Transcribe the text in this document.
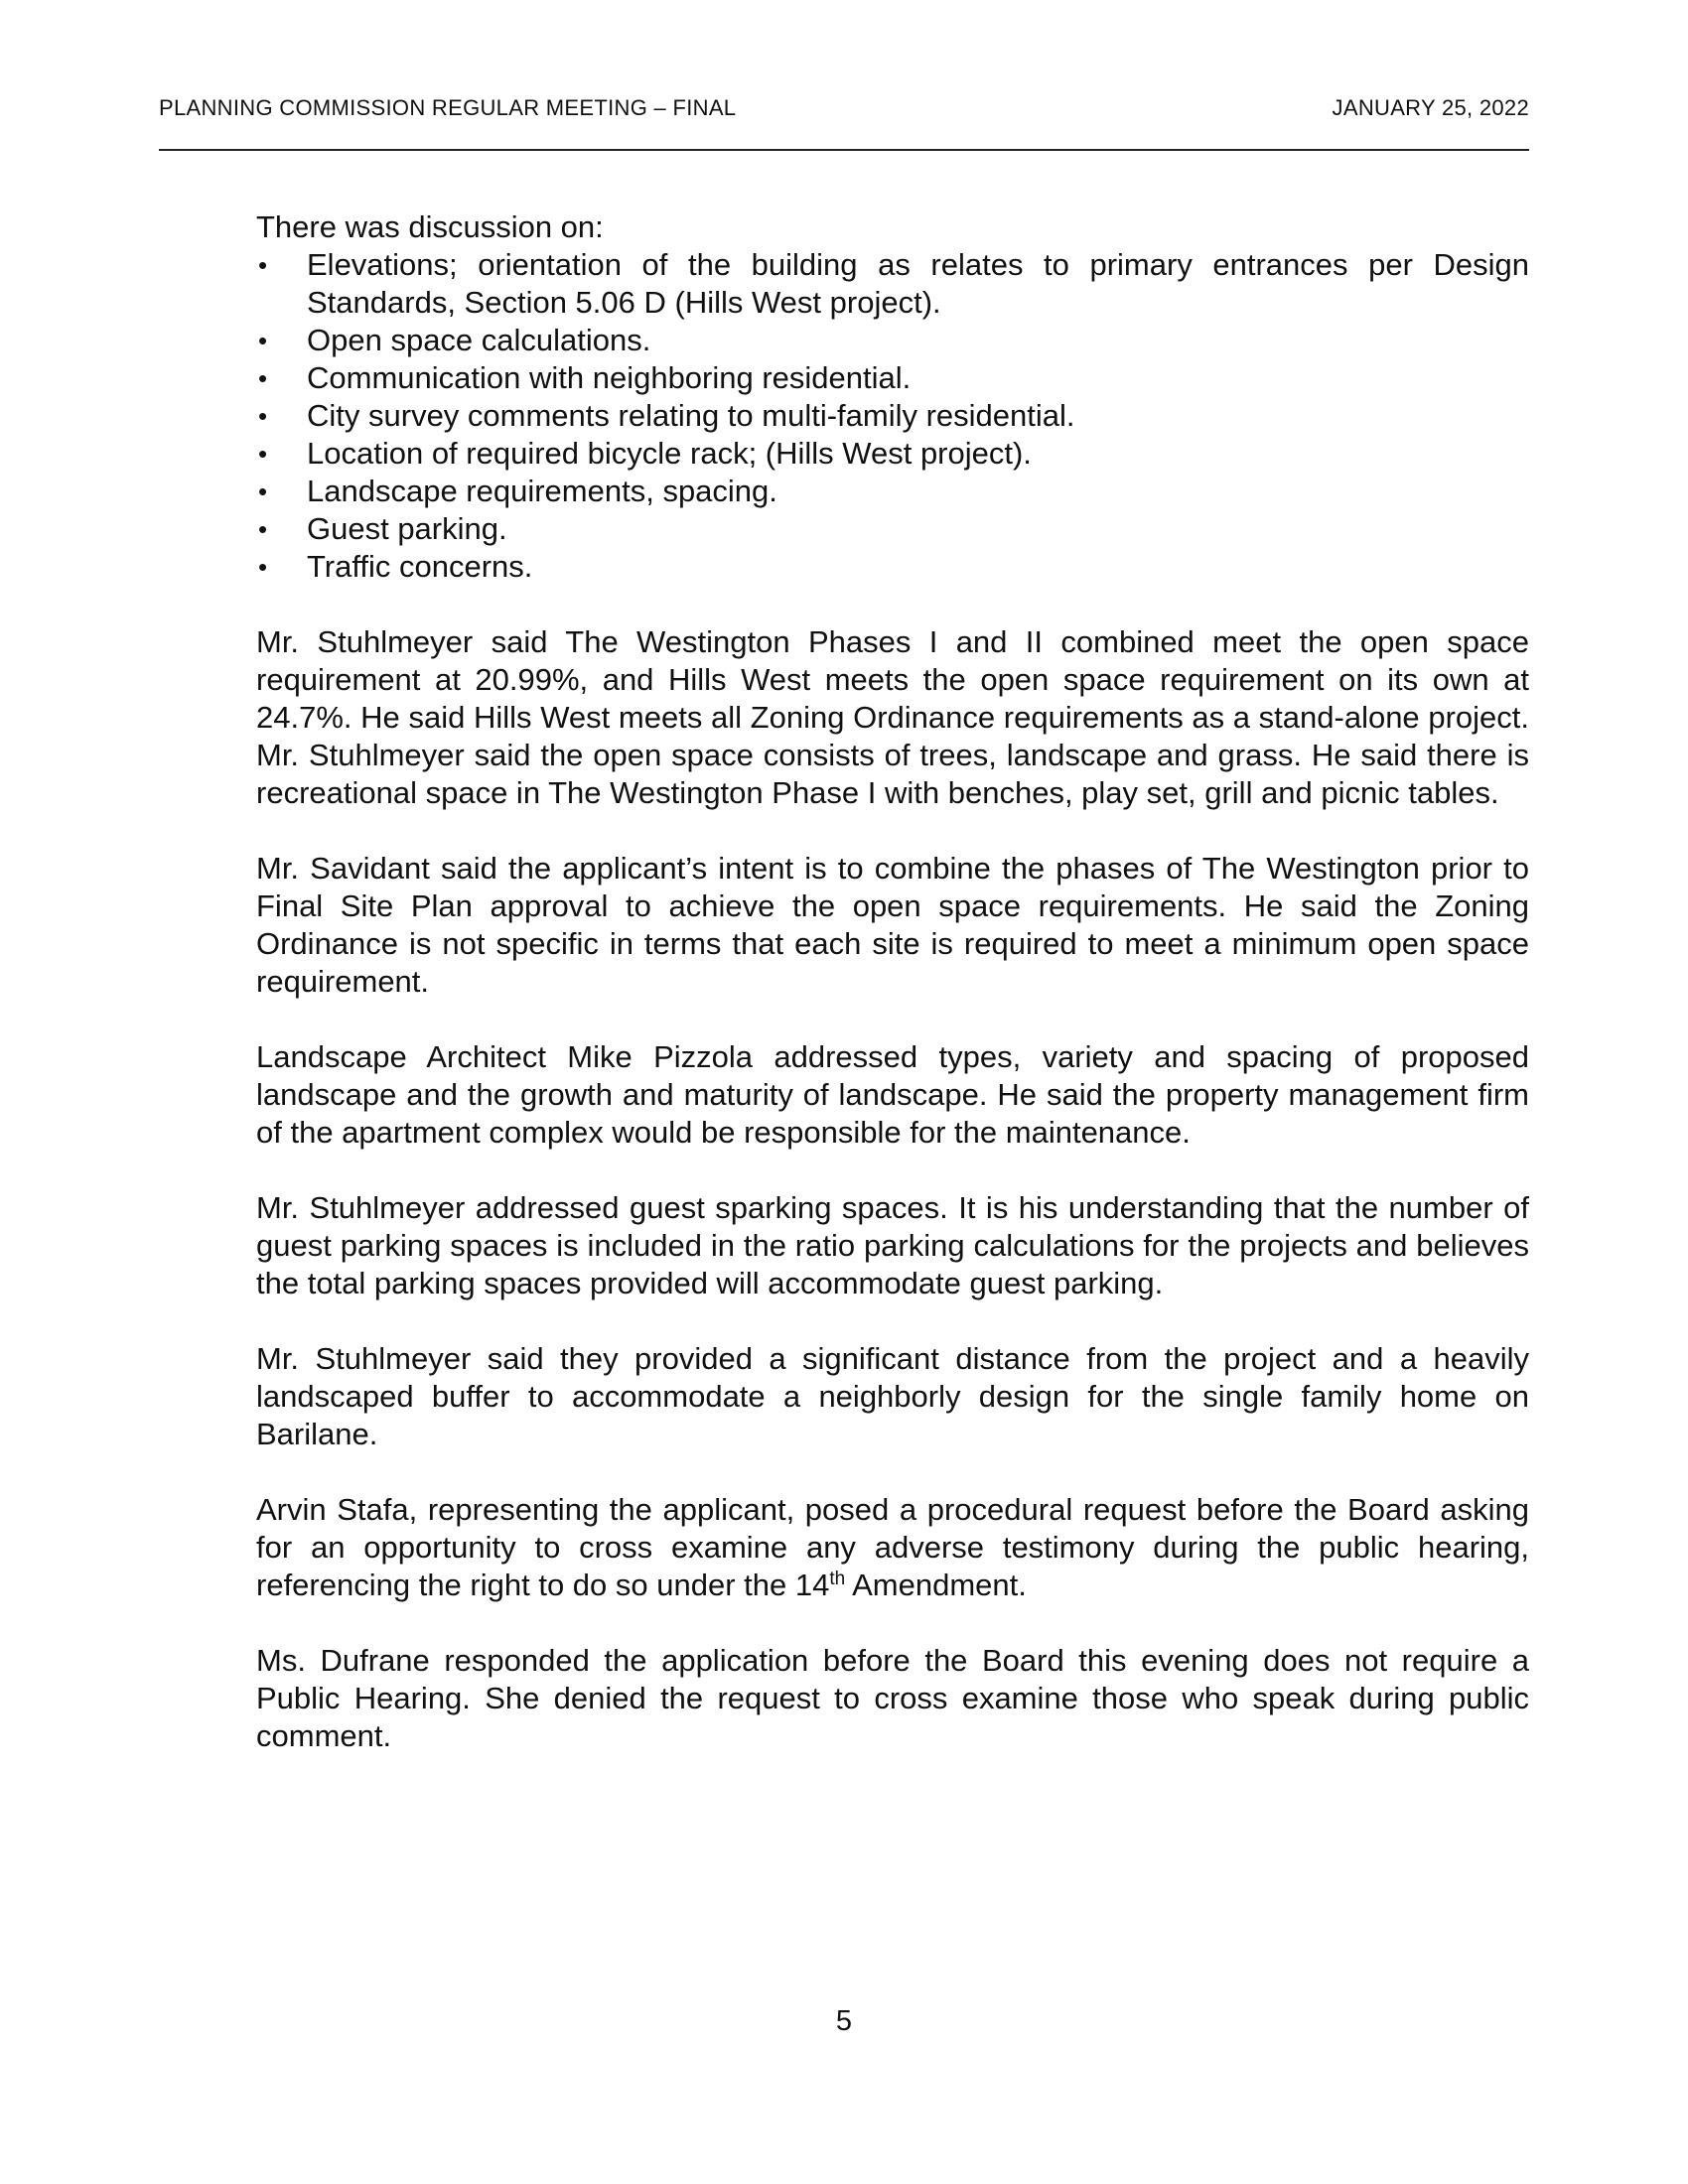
PLANNING COMMISSION REGULAR MEETING – FINAL	JANUARY 25, 2022

There was discussion on:

• Elevations; orientation of the building as relates to primary entrances per Design Standards, Section 5.06 D (Hills West project).
• Open space calculations.
• Communication with neighboring residential.
• City survey comments relating to multi-family residential.
• Location of required bicycle rack; (Hills West project).
• Landscape requirements, spacing.
• Guest parking.
• Traffic concerns.

Mr. Stuhlmeyer said The Westington Phases I and II combined meet the open space requirement at 20.99%, and Hills West meets the open space requirement on its own at 24.7%. He said Hills West meets all Zoning Ordinance requirements as a stand-alone project. Mr. Stuhlmeyer said the open space consists of trees, landscape and grass. He said there is recreational space in The Westington Phase I with benches, play set, grill and picnic tables.

Mr. Savidant said the applicant’s intent is to combine the phases of The Westington prior to Final Site Plan approval to achieve the open space requirements. He said the Zoning Ordinance is not specific in terms that each site is required to meet a minimum open space requirement.

Landscape Architect Mike Pizzola addressed types, variety and spacing of proposed landscape and the growth and maturity of landscape. He said the property management firm of the apartment complex would be responsible for the maintenance.

Mr. Stuhlmeyer addressed guest sparking spaces. It is his understanding that the number of guest parking spaces is included in the ratio parking calculations for the projects and believes the total parking spaces provided will accommodate guest parking.

Mr. Stuhlmeyer said they provided a significant distance from the project and a heavily landscaped buffer to accommodate a neighborly design for the single family home on Barilane.

Arvin Stafa, representing the applicant, posed a procedural request before the Board asking for an opportunity to cross examine any adverse testimony during the public hearing, referencing the right to do so under the 14th Amendment.

Ms. Dufrane responded the application before the Board this evening does not require a Public Hearing. She denied the request to cross examine those who speak during public comment.

5
